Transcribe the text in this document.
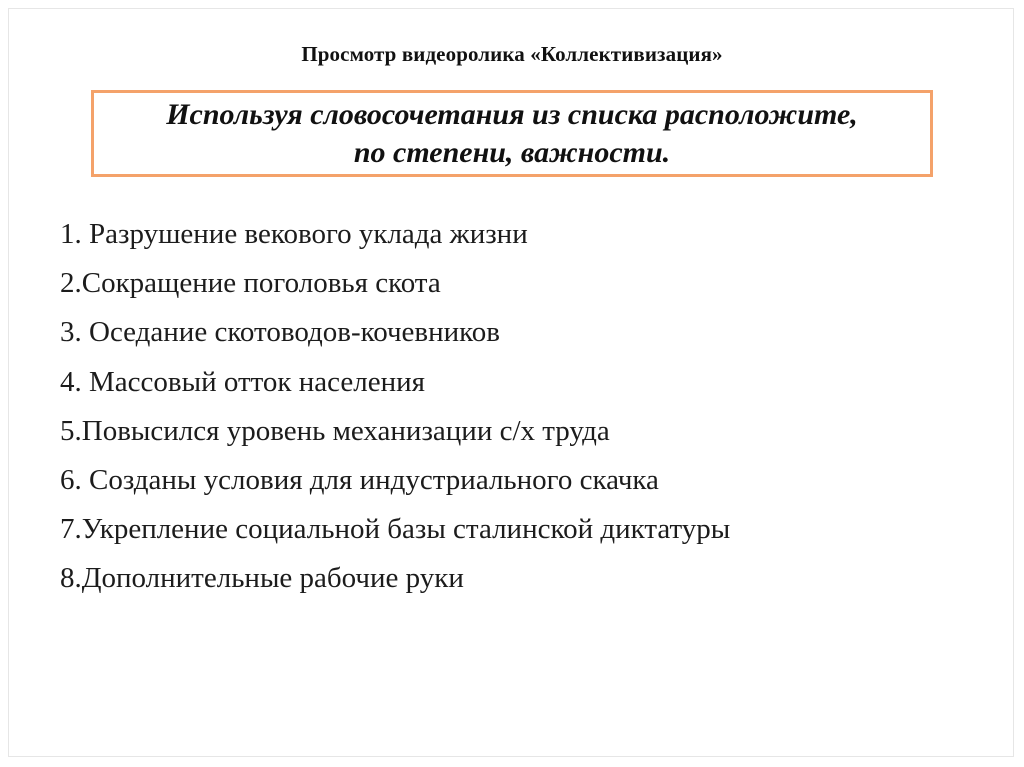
Просмотр видеоролика «Коллективизация»
Используя словосочетания из списка расположите,
по степени, важности.
1. Разрушение векового уклада жизни
2.Сокращение поголовья скота
3. Оседание скотоводов-кочевников
4. Массовый отток населения
5.Повысился уровень механизации с/х труда
6. Созданы условия для индустриального скачка
7.Укрепление социальной базы сталинской диктатуры
8.Дополнительные рабочие руки
